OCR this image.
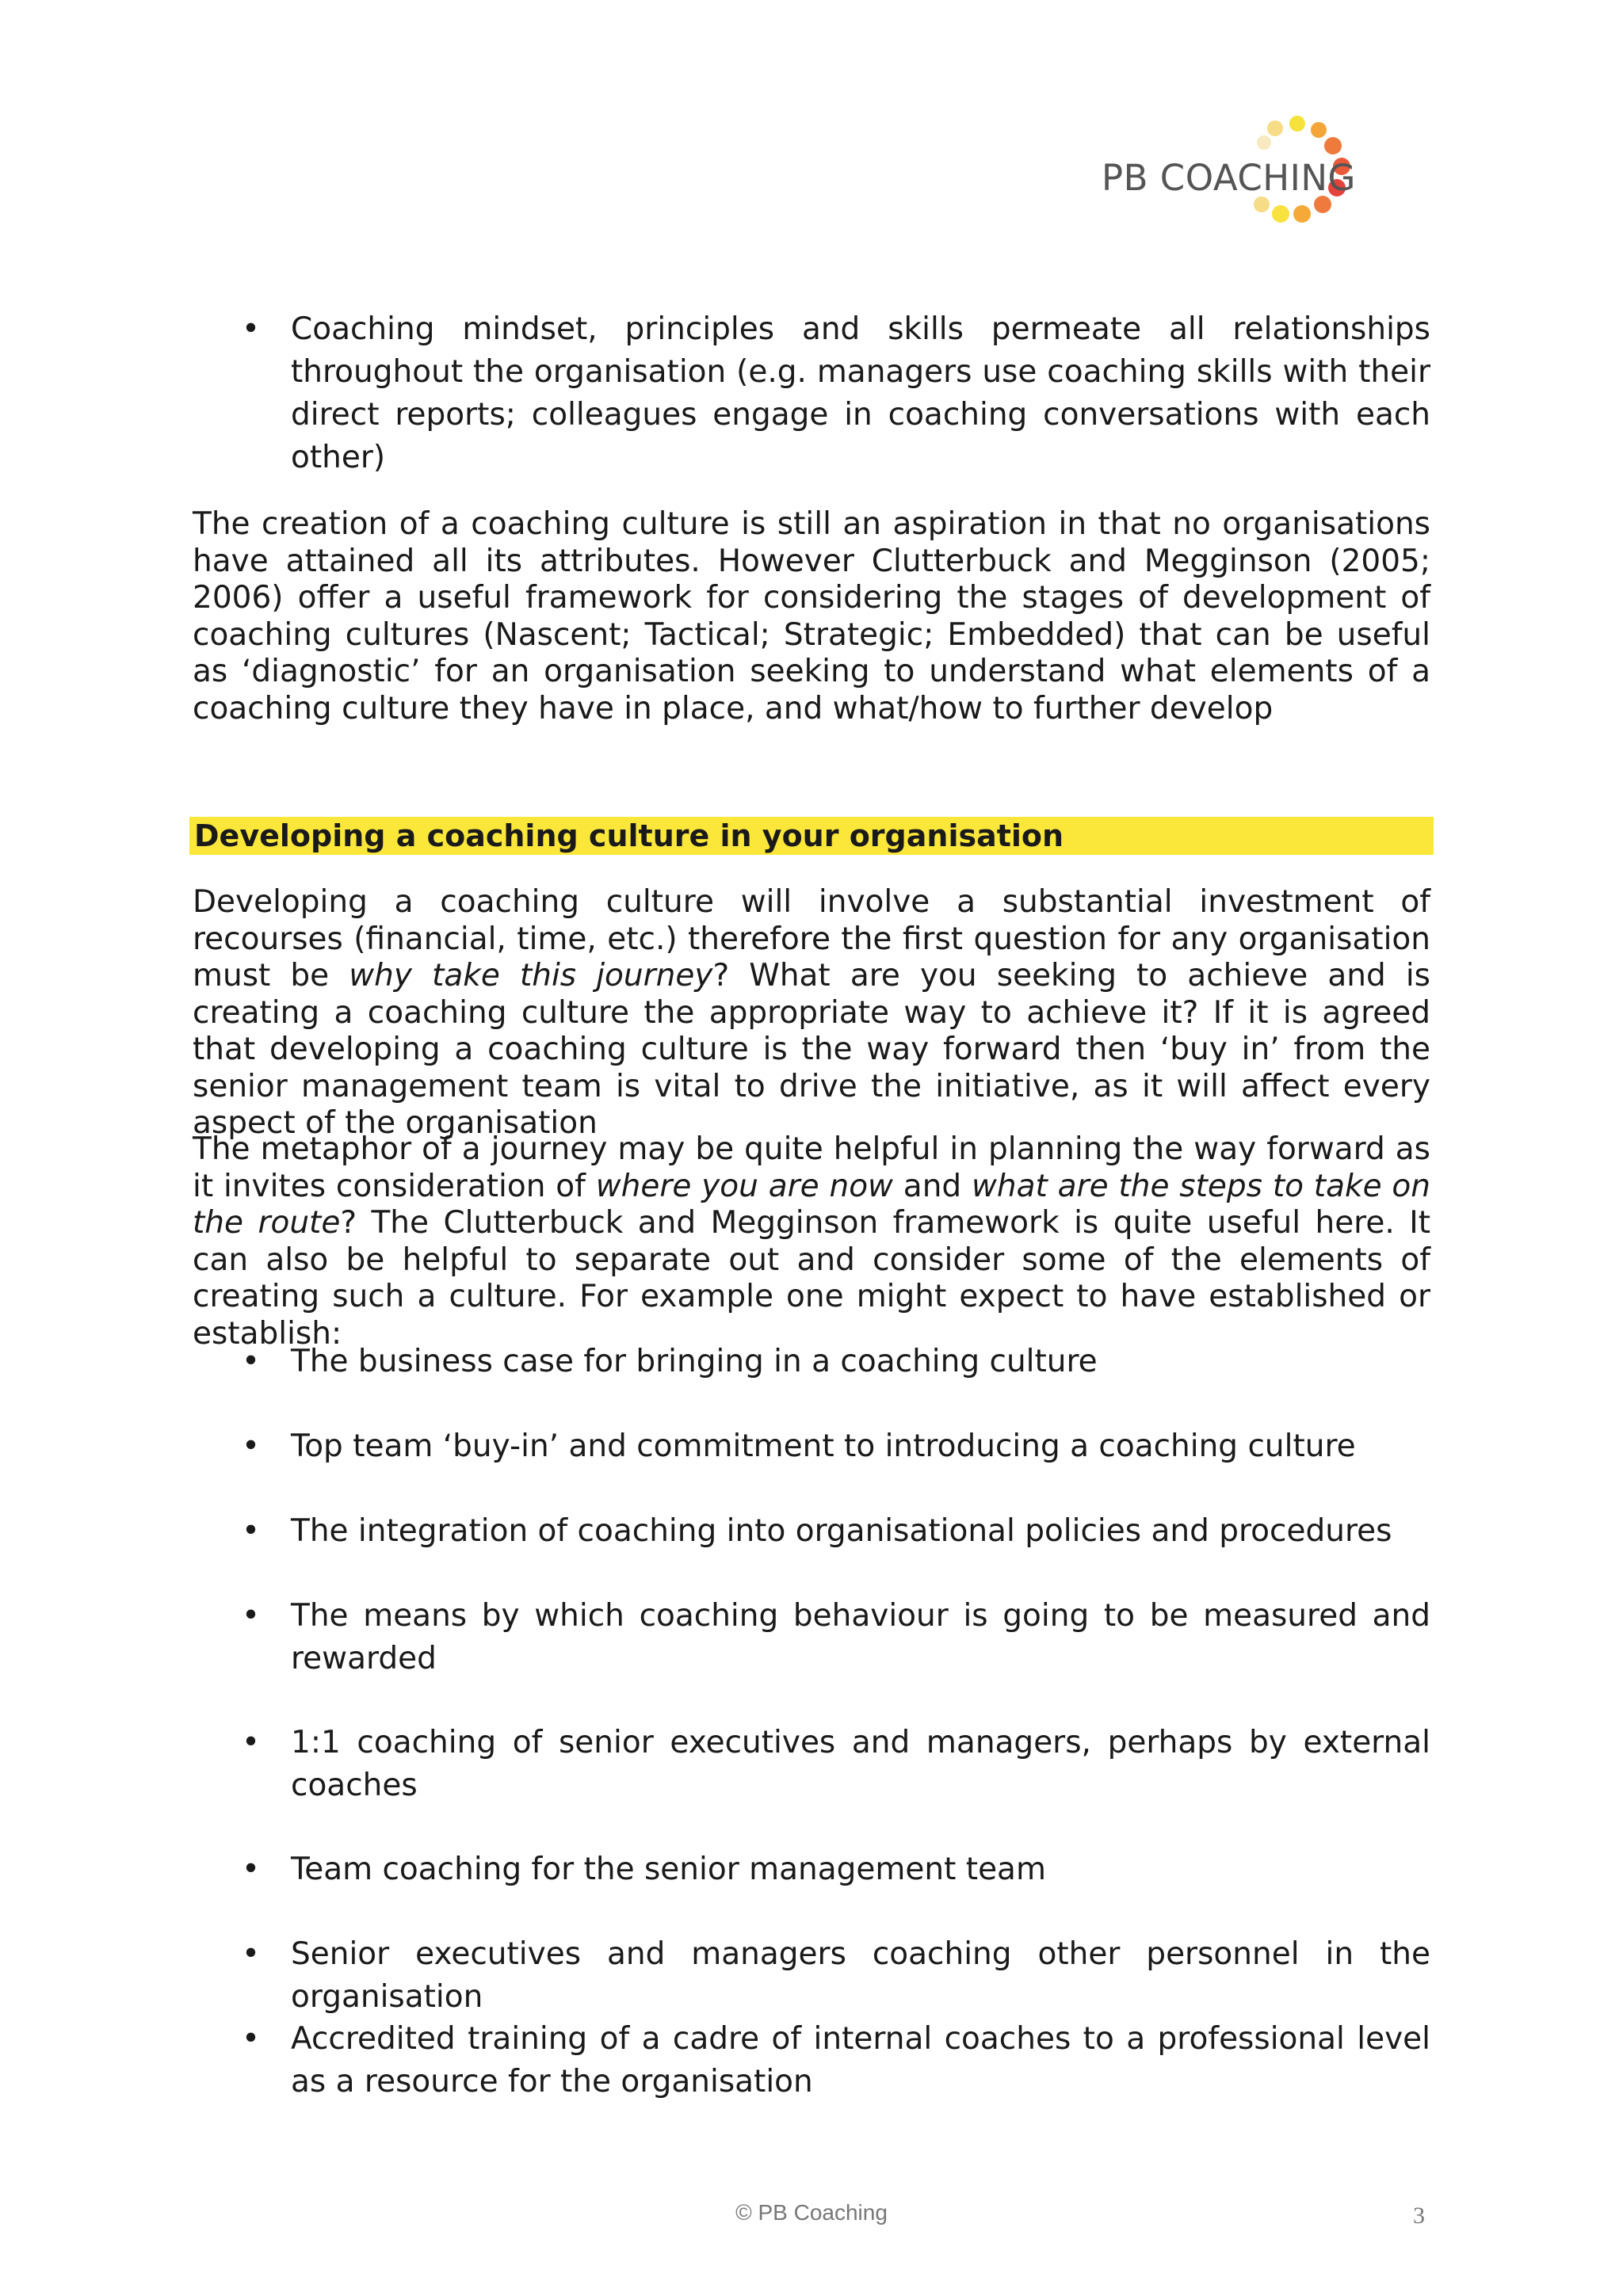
PB COACHING
• Coaching mindset, principles and skills permeate all relationships throughout the organisation (e.g. managers use coaching skills with their direct reports; colleagues engage in coaching conversations with each other)

The creation of a coaching culture is still an aspiration in that no organisations have attained all its attributes. However Clutterbuck and Megginson (2005; 2006) offer a useful framework for considering the stages of development of coaching cultures (Nascent; Tactical; Strategic; Embedded) that can be useful as ‘diagnostic’ for an organisation seeking to understand what elements of a coaching culture they have in place, and what/how to further develop

Developing a coaching culture in your organisation

Developing a coaching culture will involve a substantial investment of recourses (financial, time, etc.) therefore the first question for any organisation must be why take this journey? What are you seeking to achieve and is creating a coaching culture the appropriate way to achieve it? If it is agreed that developing a coaching culture is the way forward then ‘buy in’ from the senior management team is vital to drive the initiative, as it will affect every aspect of the organisation

The metaphor of a journey may be quite helpful in planning the way forward as it invites consideration of where you are now and what are the steps to take on the route? The Clutterbuck and Megginson framework is quite useful here. It can also be helpful to separate out and consider some of the elements of creating such a culture. For example one might expect to have established or establish:

• The business case for bringing in a coaching culture
• Top team ‘buy-in’ and commitment to introducing a coaching culture
• The integration of coaching into organisational policies and procedures
• The means by which coaching behaviour is going to be measured and rewarded
• 1:1 coaching of senior executives and managers, perhaps by external coaches
• Team coaching for the senior management team
• Senior executives and managers coaching other personnel in the organisation
• Accredited training of a cadre of internal coaches to a professional level as a resource for the organisation
© PB Coaching	3
